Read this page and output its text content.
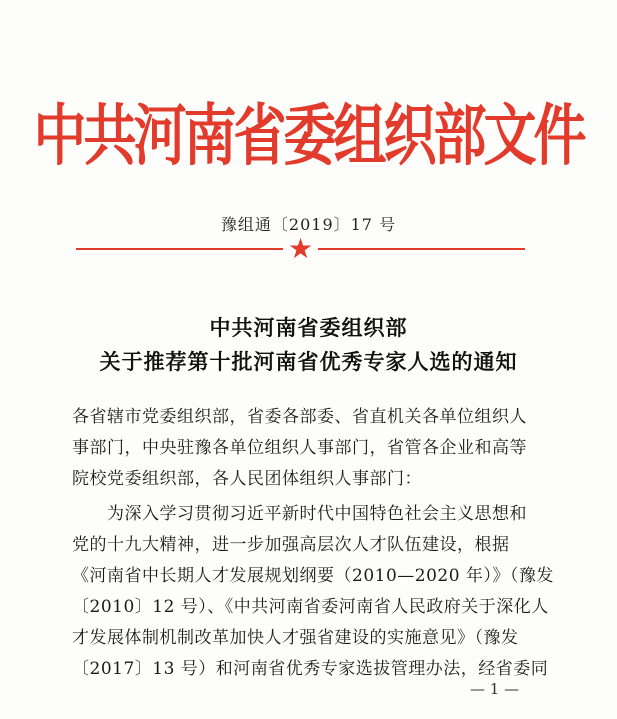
中共河南省委组织部文件
豫组通〔2019〕17 号
★
中共河南省委组织部
关于推荐第十批河南省优秀专家人选的通知
各省辖市党委组织部，省委各部委、省直机关各单位组织人
事部门，中央驻豫各单位组织人事部门，省管各企业和高等
院校党委组织部，各人民团体组织人事部门：
　　为深入学习贯彻习近平新时代中国特色社会主义思想和
党的十九大精神，进一步加强高层次人才队伍建设，根据
《河南省中长期人才发展规划纲要（2010—2020 年）》（豫发
〔2010〕12 号）、《中共河南省委河南省人民政府关于深化人
才发展体制机制改革加快人才强省建设的实施意见》（豫发
〔2017〕13 号）和河南省优秀专家选拔管理办法，经省委同
— 1 —
